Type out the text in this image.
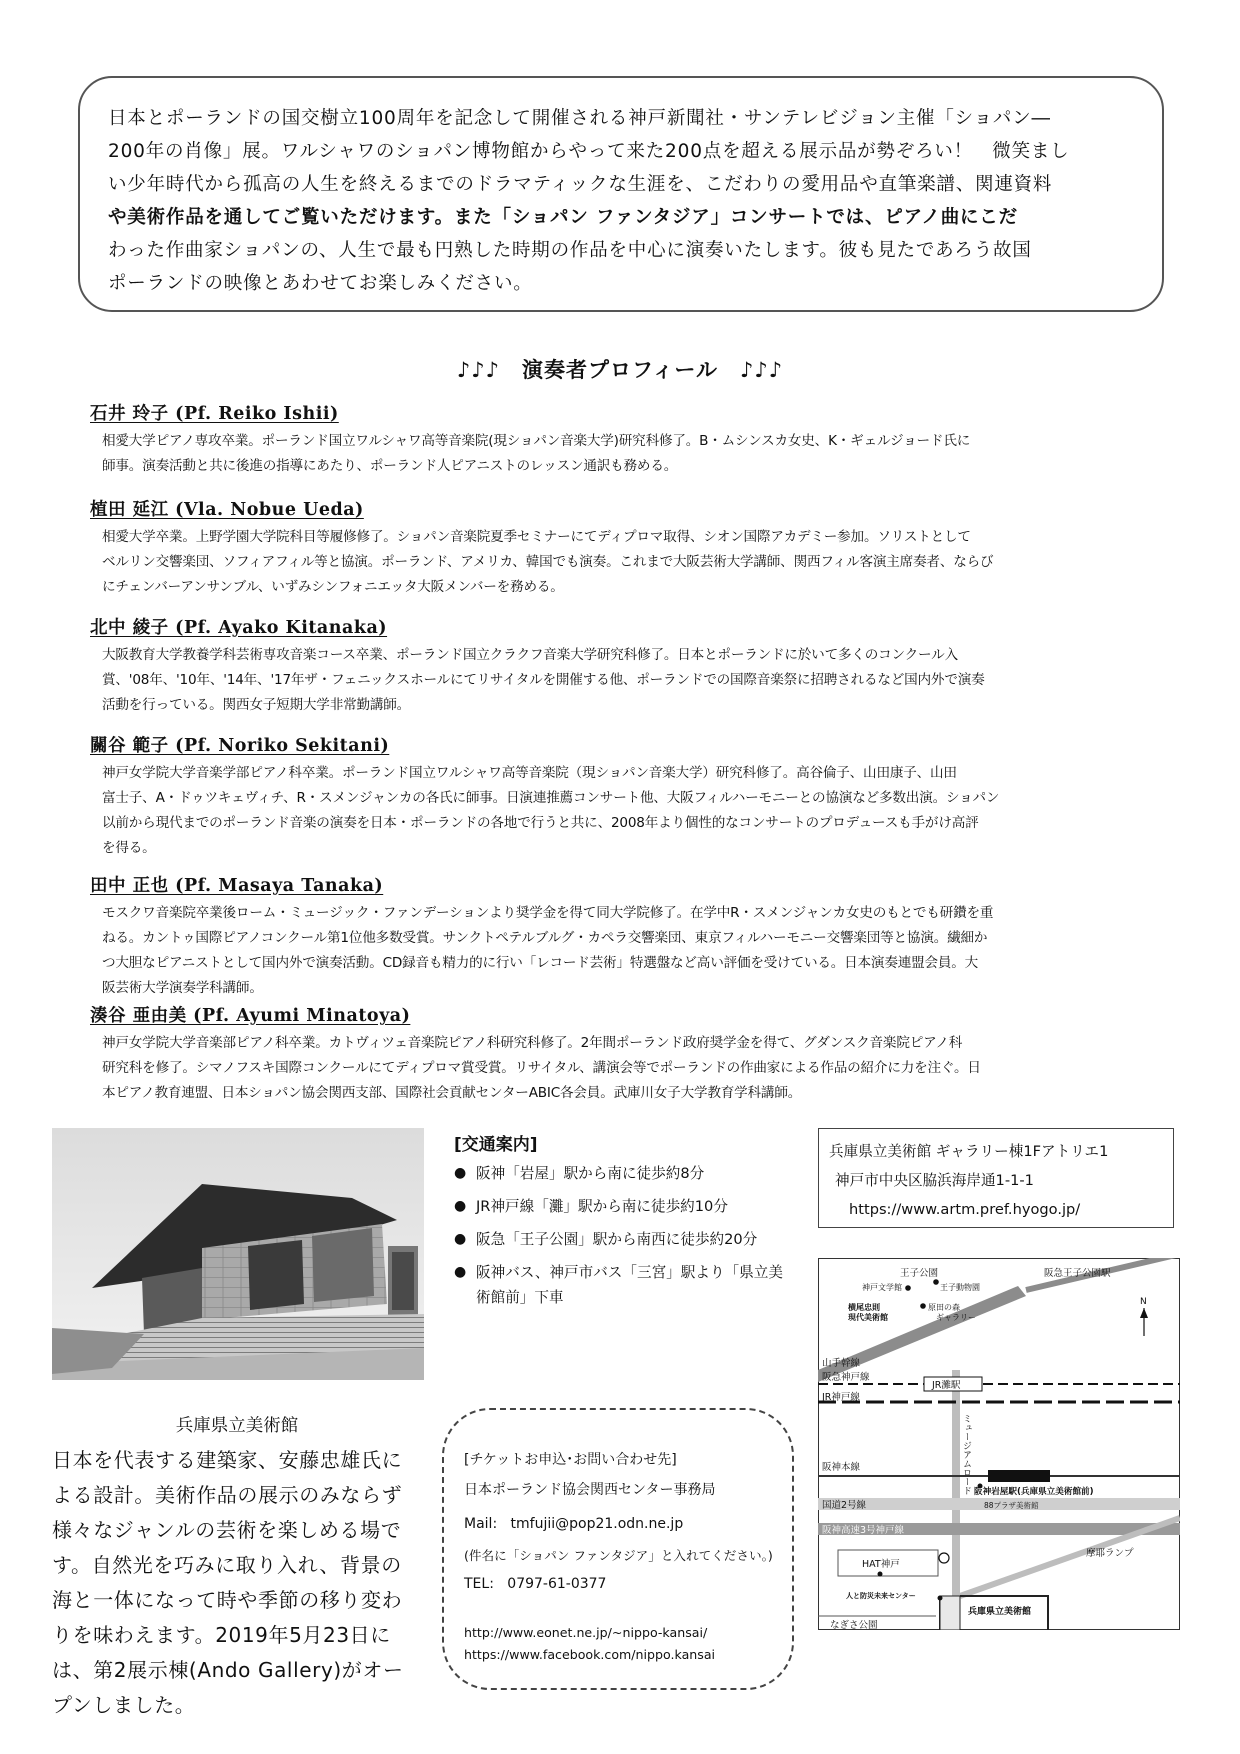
日本とポーランドの国交樹立100周年を記念して開催される神戸新聞社・サンテレビジョン主催「ショパン―

200年の肖像」展。ワルシャワのショパン博物館からやって来た200点を超える展示品が勢ぞろい！　微笑まし

い少年時代から孤高の人生を終えるまでのドラマティックな生涯を、こだわりの愛用品や直筆楽譜、関連資料

や美術作品を通してご覧いただけます。また「ショパン ファンタジア」コンサートでは、ピアノ曲にこだ

わった作曲家ショパンの、人生で最も円熟した時期の作品を中心に演奏いたします。彼も見たであろう故国

ポーランドの映像とあわせてお楽しみください。

♪♪♪　演奏者プロフィール　♪♪♪
石井 玲子 (Pf. Reiko Ishii)
相愛大学ピアノ専攻卒業。ポーランド国立ワルシャワ高等音楽院(現ショパン音楽大学)研究科修了。B・ムシンスカ女史、K・ギェルジョード氏に
師事。演奏活動と共に後進の指導にあたり、ポーランド人ピアニストのレッスン通訳も務める。
植田 延江 (Vla. Nobue Ueda)
相愛大学卒業。上野学園大学院科目等履修修了。ショパン音楽院夏季セミナーにてディプロマ取得、シオン国際アカデミー参加。ソリストとして
ベルリン交響楽団、ソフィアフィル等と協演。ポーランド、アメリカ、韓国でも演奏。これまで大阪芸術大学講師、関西フィル客演主席奏者、ならび
にチェンバーアンサンブル、いずみシンフォニエッタ大阪メンバーを務める。
北中 綾子 (Pf. Ayako Kitanaka)
大阪教育大学教養学科芸術専攻音楽コース卒業、ポーランド国立クラクフ音楽大学研究科修了。日本とポーランドに於いて多くのコンクール入
賞、'08年、'10年、'14年、'17年ザ・フェニックスホールにてリサイタルを開催する他、ポーランドでの国際音楽祭に招聘されるなど国内外で演奏
活動を行っている。関西女子短期大学非常勤講師。
關谷 範子 (Pf. Noriko Sekitani)
神戸女学院大学音楽学部ピアノ科卒業。ポーランド国立ワルシャワ高等音楽院（現ショパン音楽大学）研究科修了。高谷倫子、山田康子、山田
富士子、A・ドゥツキェヴィチ、R・スメンジャンカの各氏に師事。日演連推薦コンサート他、大阪フィルハーモニーとの協演など多数出演。ショパン
以前から現代までのポーランド音楽の演奏を日本・ポーランドの各地で行うと共に、2008年より個性的なコンサートのプロデュースも手がけ高評
を得る。
田中 正也 (Pf. Masaya Tanaka)
モスクワ音楽院卒業後ローム・ミュージック・ファンデーションより奨学金を得て同大学院修了。在学中R・スメンジャンカ女史のもとでも研鑽を重
ねる。カントゥ国際ピアノコンクール第1位他多数受賞。サンクトペテルブルグ・カペラ交響楽団、東京フィルハーモニー交響楽団等と協演。繊細か
つ大胆なピアニストとして国内外で演奏活動。CD録音も精力的に行い「レコード芸術」特選盤など高い評価を受けている。日本演奏連盟会員。大
阪芸術大学演奏学科講師。
湊谷 亜由美 (Pf. Ayumi Minatoya)
神戸女学院大学音楽部ピアノ科卒業。カトヴィツェ音楽院ピアノ科研究科修了。2年間ポーランド政府奨学金を得て、グダンスク音楽院ピアノ科
研究科を修了。シマノフスキ国際コンクールにてディプロマ賞受賞。リサイタル、講演会等でポーランドの作曲家による作品の紹介に力を注ぐ。日
本ピアノ教育連盟、日本ショパン協会関西支部、国際社会貢献センターABIC各会員。武庫川女子大学教育学科講師。
[交通案内]
● 阪神「岩屋」駅から南に徒歩約8分
● JR神戸線「灘」駅から南に徒歩約10分
● 阪急「王子公園」駅から南西に徒歩約20分
● 阪神バス、神戸市バス「三宮」駅より「県立美術館前」下車
兵庫県立美術館 ギャラリー棟1Fアトリエ1
神戸市中央区脇浜海岸通1-1-1
https://www.artm.pref.hyogo.jp/
兵庫県立美術館
日本を代表する建築家、安藤忠雄氏による設計。美術作品の展示のみならず様々なジャンルの芸術を楽しめる場です。自然光を巧みに取り入れ、背景の海と一体になって時や季節の移り変わりを味わえます。2019年5月23日には、第2展示棟(Ando Gallery)がオープンしました。
[チケットお申込･お問い合わせ先]
日本ポーランド協会関西センター事務局
Mail: tmfujii@pop21.odn.ne.jp
(件名に「ショパン ファンタジア」と入れてください。)
TEL: 0797-61-0377
http://www.eonet.ne.jp/~nippo-kansai/
https://www.facebook.com/nippo.kansai
王子公園	阪急王子公園駅
神戸文学館	王子動物園
横尾忠則
現代美術館
原田の森
ギャラリー
山手幹線
N
阪急神戸線
JR神戸線
JR灘駅
ミュージアムロード
阪神本線
阪神岩屋駅(兵庫県立美術館前)
88プラザ美術館
国道2号線
阪神高速3号神戸線
HAT神戸
摩耶ランプ
人と防災未来センター
兵庫県立美術館
なぎさ公園
